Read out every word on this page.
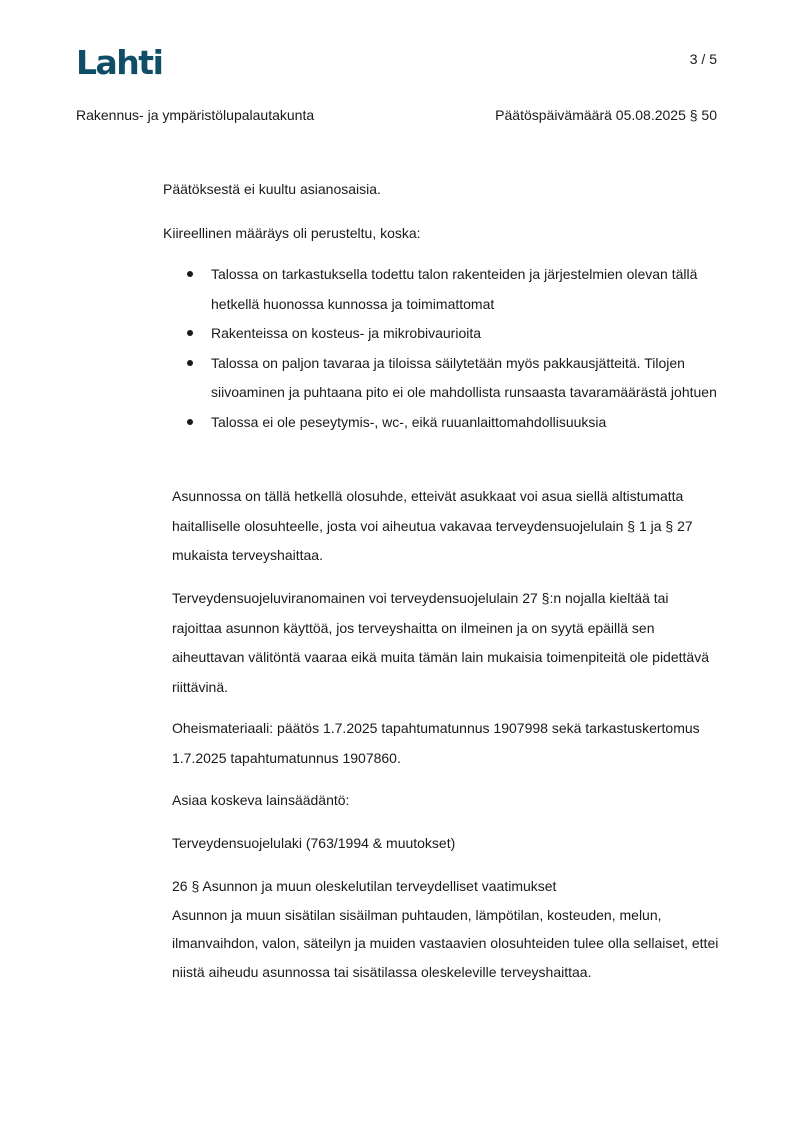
Lahti	3 / 5
Rakennus- ja ympäristölupalautakunta	Päätöspäivämäärä 05.08.2025 § 50

Päätöksestä ei kuultu asianosaisia.

Kiireellinen määräys oli perusteltu, koska:

Talossa on tarkastuksella todettu talon rakenteiden ja järjestelmien olevan tällä hetkellä huonossa kunnossa ja toimimattomat
Rakenteissa on kosteus- ja mikrobivaurioita
Talossa on paljon tavaraa ja tiloissa säilytetään myös pakkausjätteitä. Tilojen siivoaminen ja puhtaana pito ei ole mahdollista runsaasta tavaramäärästä johtuen
Talossa ei ole peseytymis-, wc-, eikä ruuanlaittomahdollisuuksia

Asunnossa on tällä hetkellä olosuhde, etteivät asukkaat voi asua siellä altistumatta haitalliselle olosuhteelle, josta voi aiheutua vakavaa terveydensuojelulain § 1 ja § 27 mukaista terveyshaittaa.

Terveydensuojeluviranomainen voi terveydensuojelulain 27 §:n nojalla kieltää tai rajoittaa asunnon käyttöä, jos terveyshaitta on ilmeinen ja on syytä epäillä sen aiheuttavan välitöntä vaaraa eikä muita tämän lain mukaisia toimenpiteitä ole pidettävä riittävinä.

Oheismateriaali: päätös 1.7.2025 tapahtumatunnus 1907998 sekä tarkastuskertomus 1.7.2025 tapahtumatunnus 1907860.

Asiaa koskeva lainsäädäntö:

Terveydensuojelulaki (763/1994 & muutokset)

26 § Asunnon ja muun oleskelutilan terveydelliset vaatimukset
Asunnon ja muun sisätilan sisäilman puhtauden, lämpötilan, kosteuden, melun, ilmanvaihdon, valon, säteilyn ja muiden vastaavien olosuhteiden tulee olla sellaiset, ettei niistä aiheudu asunnossa tai sisätilassa oleskeleville terveyshaittaa.
